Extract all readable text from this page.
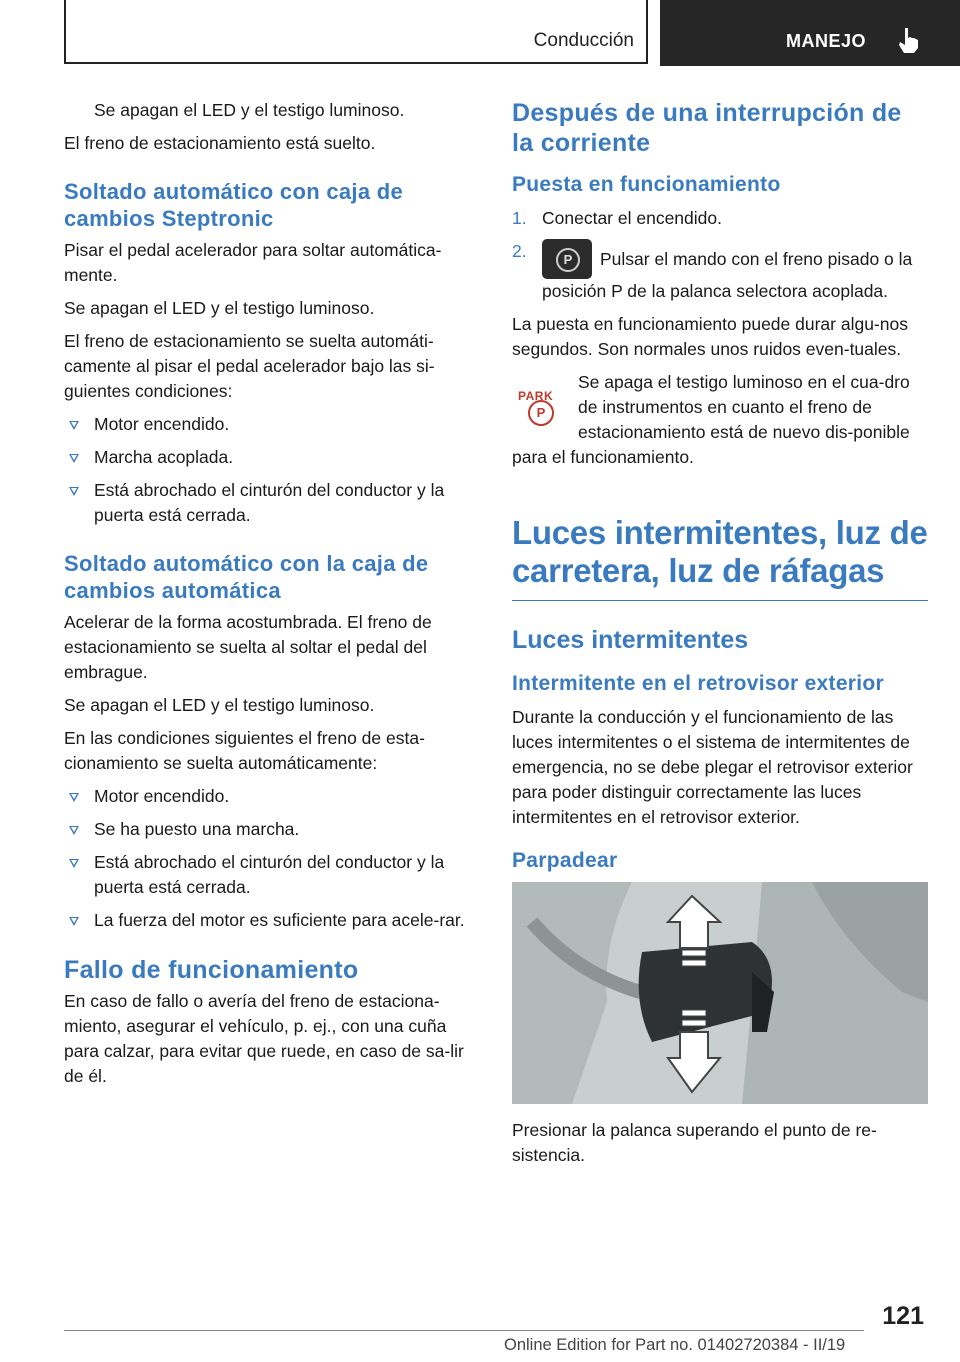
Conducción	MANEJO

Se apagan el LED y el testigo luminoso.

El freno de estacionamiento está suelto.

Soltado automático con caja de cambios Steptronic

Pisar el pedal acelerador para soltar automática-mente.

Se apagan el LED y el testigo luminoso.

El freno de estacionamiento se suelta automáti-camente al pisar el pedal acelerador bajo las si-guientes condiciones:

Motor encendido.
Marcha acoplada.
Está abrochado el cinturón del conductor y la puerta está cerrada.
Soltado automático con la caja de cambios automática

Acelerar de la forma acostumbrada. El freno de estacionamiento se suelta al soltar el pedal del embrague.

Se apagan el LED y el testigo luminoso.

En las condiciones siguientes el freno de esta-cionamiento se suelta automáticamente:

Motor encendido.
Se ha puesto una marcha.
Está abrochado el cinturón del conductor y la puerta está cerrada.
La fuerza del motor es suficiente para acele-rar.
Fallo de funcionamiento

En caso de fallo o avería del freno de estaciona-miento, asegurar el vehículo, p. ej., con una cuña para calzar, para evitar que ruede, en caso de sa-lir de él.

Después de una interrupción de la corriente
Puesta en funcionamiento
1. Conectar el encendido.
2.	P	Pulsar el mando con el freno pisado o la posición P de la palanca selectora acoplada.

La puesta en funcionamiento puede durar algu-nos segundos. Son normales unos ruidos even-tuales.

PARK
P

Se apaga el testigo luminoso en el cua-dro de instrumentos en cuanto el freno de estacionamiento está de nuevo dis-ponible para el funcionamiento.

Luces intermitentes, luz de carretera, luz de ráfagas
Luces intermitentes
Intermitente en el retrovisor exterior

Durante la conducción y el funcionamiento de las luces intermitentes o el sistema de intermitentes de emergencia, no se debe plegar el retrovisor exterior para poder distinguir correctamente las luces intermitentes en el retrovisor exterior.

Parpadear

Presionar la palanca superando el punto de re-sistencia.

121
Online Edition for Part no. 01402720384 - II/19
